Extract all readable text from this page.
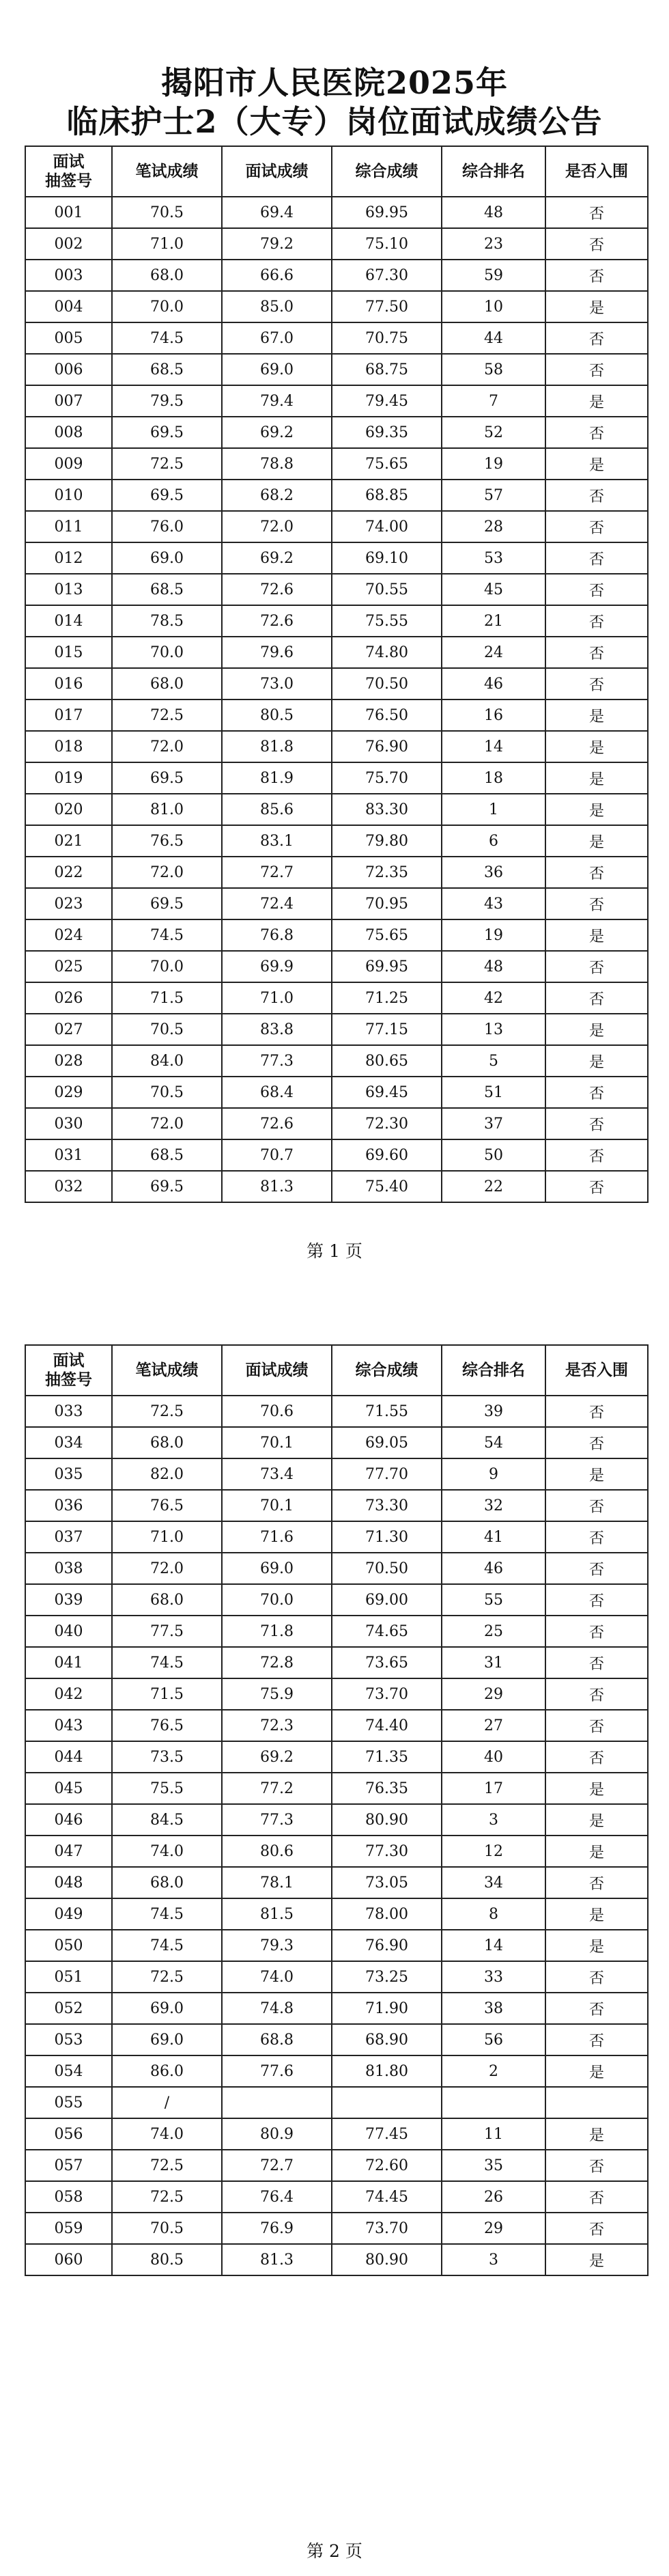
揭阳市人民医院2025年
临床护士2（大专）岗位面试成绩公告
面试
抽签号	笔试成绩	面试成绩	综合成绩	综合排名	是否入围
001	70.5	69.4	69.95	48	否
002	71.0	79.2	75.10	23	否
003	68.0	66.6	67.30	59	否
004	70.0	85.0	77.50	10	是
005	74.5	67.0	70.75	44	否
006	68.5	69.0	68.75	58	否
007	79.5	79.4	79.45	7	是
008	69.5	69.2	69.35	52	否
009	72.5	78.8	75.65	19	是
010	69.5	68.2	68.85	57	否
011	76.0	72.0	74.00	28	否
012	69.0	69.2	69.10	53	否
013	68.5	72.6	70.55	45	否
014	78.5	72.6	75.55	21	否
015	70.0	79.6	74.80	24	否
016	68.0	73.0	70.50	46	否
017	72.5	80.5	76.50	16	是
018	72.0	81.8	76.90	14	是
019	69.5	81.9	75.70	18	是
020	81.0	85.6	83.30	1	是
021	76.5	83.1	79.80	6	是
022	72.0	72.7	72.35	36	否
023	69.5	72.4	70.95	43	否
024	74.5	76.8	75.65	19	是
025	70.0	69.9	69.95	48	否
026	71.5	71.0	71.25	42	否
027	70.5	83.8	77.15	13	是
028	84.0	77.3	80.65	5	是
029	70.5	68.4	69.45	51	否
030	72.0	72.6	72.30	37	否
031	68.5	70.7	69.60	50	否
032	69.5	81.3	75.40	22	否
第 1 页
面试
抽签号	笔试成绩	面试成绩	综合成绩	综合排名	是否入围
033	72.5	70.6	71.55	39	否
034	68.0	70.1	69.05	54	否
035	82.0	73.4	77.70	9	是
036	76.5	70.1	73.30	32	否
037	71.0	71.6	71.30	41	否
038	72.0	69.0	70.50	46	否
039	68.0	70.0	69.00	55	否
040	77.5	71.8	74.65	25	否
041	74.5	72.8	73.65	31	否
042	71.5	75.9	73.70	29	否
043	76.5	72.3	74.40	27	否
044	73.5	69.2	71.35	40	否
045	75.5	77.2	76.35	17	是
046	84.5	77.3	80.90	3	是
047	74.0	80.6	77.30	12	是
048	68.0	78.1	73.05	34	否
049	74.5	81.5	78.00	8	是
050	74.5	79.3	76.90	14	是
051	72.5	74.0	73.25	33	否
052	69.0	74.8	71.90	38	否
053	69.0	68.8	68.90	56	否
054	86.0	77.6	81.80	2	是
055	/				
056	74.0	80.9	77.45	11	是
057	72.5	72.7	72.60	35	否
058	72.5	76.4	74.45	26	否
059	70.5	76.9	73.70	29	否
060	80.5	81.3	80.90	3	是
第 2 页
